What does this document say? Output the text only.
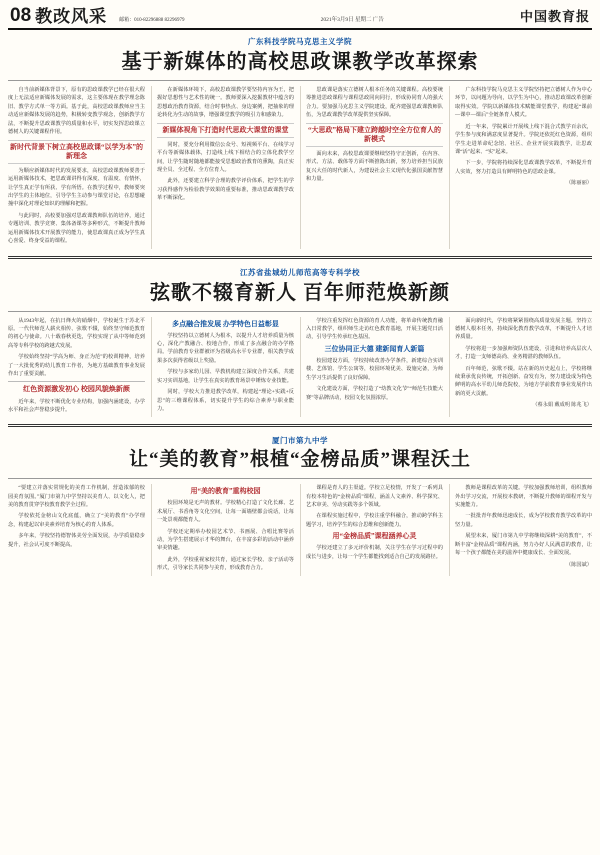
08 教改风采 邮箱：010-82296888 82296979	2021年3月9日 星期二 广告	中国教育报
广东科技学院马克思主义学院
基于新媒体的高校思政课教学改革探索

自当前新媒体背景下，原有的思政课教学已经在很大程度上无法适应新媒体发展的需求，这主要体现在教学理念陈旧、教学方式单一等方面。基于此，高校思政课教师应当主动适应新媒体发展的趋势，积极转变教学观念，创新教学方法，不断提升思政课教学的质量和水平，切实发挥思政课立德树人的关键课程作用。

新时代背景下树立高校思政课“以学为本”的新理念

为顺应新媒体时代的发展要求，高校思政课教师要善于运用新媒体技术，把思政课讲得有深度、有温度、有情怀，让学生真正学有所获、学有所悟。在教学过程中，教师要突出学生的主体地位，引导学生主动参与课堂讨论，在思想碰撞中深化对理论知识的理解和把握。

与此同时，高校要加强对思政课教师队伍的培养，通过专题培训、教学竞赛、集体备课等多种形式，不断提升教师运用新媒体技术开展教学的能力，使思政课真正成为学生真心喜爱、终身受益的课程。

在新媒体环境下，高校思政课教学要坚持内容为王，把握好思想性与艺术性的统一。教师要深入挖掘教材中蕴含的思想政治教育资源，结合时事热点、身边案例，把抽象的理论转化为生动的故事，增强课堂教学的吸引力和感染力。

新媒体视角下打造时代思政大课堂的课堂

同时，要充分利用微信公众号、短视频平台、在线学习平台等新媒体载体，打造线上线下相结合的立体化教学空间，让学生随时随地都能接受思想政治教育的熏陶，真正实现全员、全过程、全方位育人。

此外，还要建立科学合理的教学评价体系，把学生的学习获得感作为检验教学效果的重要标准，推动思政课教学改革不断深化。

思政课是落实立德树人根本任务的关键课程。高校要统筹推进思政课程与课程思政同向同行，形成协同育人的强大合力。要加强马克思主义学院建设，配齐建强思政课教师队伍，为思政课教学改革提供坚实保障。

“大思政”格局下建立跨越时空全方位育人的新模式

面向未来，高校思政课要继续坚持守正创新，在内容、形式、方法、载体等方面不断推陈出新，努力培养担当民族复兴大任的时代新人，为建设社会主义现代化强国贡献智慧和力量。

广东科技学院马克思主义学院坚持把立德树人作为中心环节，以问题为导向，以学生为中心，推动思政课改革创新取得实效。学院以新媒体技术赋能课堂教学，构建起“课前—课中—课后”全链条育人模式。

近一年来，学院累计开展线上线下混合式教学百余次，学生参与度和满意度显著提升。学院还依托红色资源，组织学生走进革命纪念馆、社区、企业开展实践教学，让思政课“活”起来、“实”起来。

下一步，学院将持续深化思政课教学改革，不断提升育人实效，努力打造具有鲜明特色的思政金课。

（陈丽丽）
江苏省盐城幼儿师范高等专科学校
弦歌不辍育新人 百年师范焕新颜

从1943年起，在抗日烽火的硝烟中，学校诞生于苏北平原。一代代师范人薪火相传、弦歌不辍，始终坚守师范教育的初心与使命。八十载春秋更迭，学校实现了从中等师范到高等专科学校的跨越式发展。

学校始终坚持“学高为师、身正为范”的校训精神，培养了一大批优秀的幼儿教育工作者，为地方基础教育事业发展作出了重要贡献。

红色资源激发初心 校园风貌焕新颜

近年来，学校不断优化专业结构，加强内涵建设，办学水平和社会声誉稳步提升。

多点融合推发展 办学特色日益彰显

学校坚持以立德树人为根本，以提升人才培养质量为核心，深化产教融合、校地合作，形成了多点融合的办学格局。学前教育专业群被评为省级高水平专业群，相关教学成果多次获得省级以上奖励。

学校与多家幼儿园、早教机构建立深度合作关系，共建实习实训基地，让学生在真实的教育场景中锤炼专业技能。

同时，学校大力推进教学改革，构建起“理论+实践+反思”的三维课程体系，切实提升学生的综合素养与职业能力。

学校注重发挥红色资源的育人功能，将革命传统教育融入日常教学，组织师生走访红色教育基地，开展主题党日活动，引导学生传承红色基因。

三位协同正大德 建新闻育人新篇

校园建设方面，学校持续改善办学条件，新建综合实训楼、艺体馆、学生公寓等，校园环境优美、设施完备，为师生学习生活提供了良好保障。

文化建设方面，学校打造了“幼教文化节”“师范生技能大赛”等品牌活动，校园文化氛围浓厚。

面向新时代，学校将紧紧围绕高质量发展主题，坚持立德树人根本任务，持续深化教育教学改革，不断提升人才培养质量。

学校将进一步加强师资队伍建设，引进和培养高层次人才，打造一支师德高尚、业务精湛的教师队伍。

百年师范，弦歌不辍。站在新的历史起点上，学校将继续秉承优良传统，开拓创新、奋发有为，努力建设成为特色鲜明的高水平幼儿师范院校，为地方学前教育事业发展作出新的更大贡献。

（蔡永娟 戴成明 陈兆飞）
厦门市第九中学
让“美的教育”根植“金榜品质”课程沃土

“要建立并落实常规化的美育工作机制，营造浓郁的校园美育氛围。”厦门市第九中学坚持以美育人、以文化人，把美的教育贯穿学校教育教学全过程。

学校依托金榜山文化底蕴，确立了“美的教育”办学理念，构建起以审美素养培育为核心的育人体系。

多年来，学校坚持德智体美劳全面发展，办学质量稳步提升，社会认可度不断提高。

用“美的教育”重构校园

校园环境是无声的教材。学校精心打造了文化长廊、艺术展厅、书香角等文化空间，让每一面墙壁都会说话，让每一处景观都能育人。

学校还定期举办校园艺术节、书画展、合唱比赛等活动，为学生搭建展示才华的舞台，在丰富多彩的活动中涵养审美情趣。

此外，学校重视家校共育，通过家长学校、亲子活动等形式，引导家长共同参与美育，形成教育合力。

课程是育人的主渠道。学校立足校情，开发了一系列具有校本特色的“金榜品质”课程，涵盖人文素养、科学探究、艺术审美、劳动实践等多个领域。

在课程实施过程中，学校注重学科融合，推动跨学科主题学习，培养学生的综合思维和创新能力。

用“金榜品质”课程涵养心灵

学校还建立了多元评价机制，关注学生在学习过程中的成长与进步，让每一个学生都能找到适合自己的发展路径。

教师是课程改革的关键。学校加强教师培训，组织教师外出学习交流，开展校本教研，不断提升教师的课程开发与实施能力。

一批批青年教师迅速成长，成为学校教育教学改革的中坚力量。

展望未来，厦门市第九中学将继续深耕“美的教育”，不断丰富“金榜品质”课程内涵，努力办好人民满意的教育，让每一个孩子都能在美的滋养中健康成长、全面发展。

（陈国斌）
